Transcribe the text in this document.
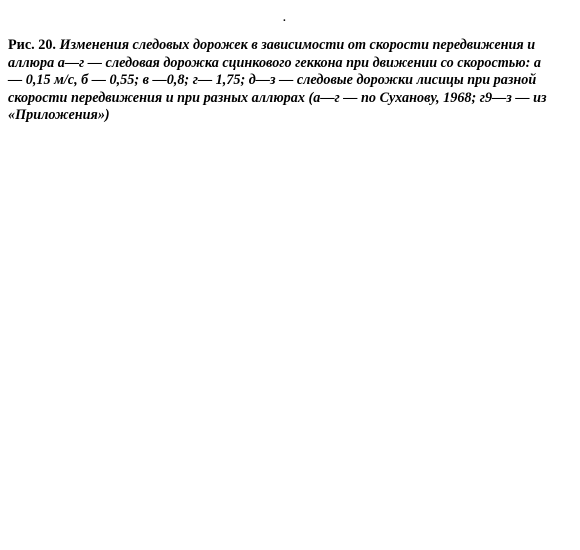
.
Рис. 20. Изменения следовых дорожек в зависимости от скорости передвижения и аллюра а—г — следовая дорожка сцинкового геккона при движении со скоростью: а — 0,15 м/с, б — 0,55; в —0,8; г— 1,75; д—з — следовые дорожки лисицы при разной скорости передвижения и при разных аллюрах (а—г — по Суханову, 1968; г9—з — из «Приложения»)
